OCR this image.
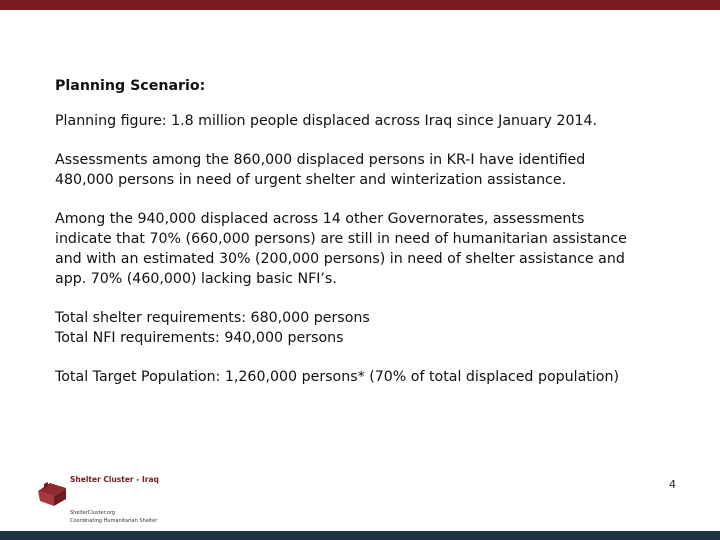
Planning Scenario:

Planning figure: 1.8 million people displaced across Iraq since January 2014.

Assessments among the 860,000 displaced persons in KR-I have identified
480,000 persons in need of urgent shelter and winterization assistance.

Among the 940,000 displaced across 14 other Governorates, assessments
indicate that 70% (660,000 persons) are still in need of humanitarian assistance
and with an estimated 30% (200,000 persons) in need of shelter assistance and
app. 70% (460,000) lacking basic NFI’s.

Total shelter requirements: 680,000 persons
Total NFI requirements: 940,000 persons

Total Target Population: 1,260,000 persons* (70% of total displaced population)

Shelter Cluster - Iraq
ShelterCluster.org
Coordinating Humanitarian Shelter
4
